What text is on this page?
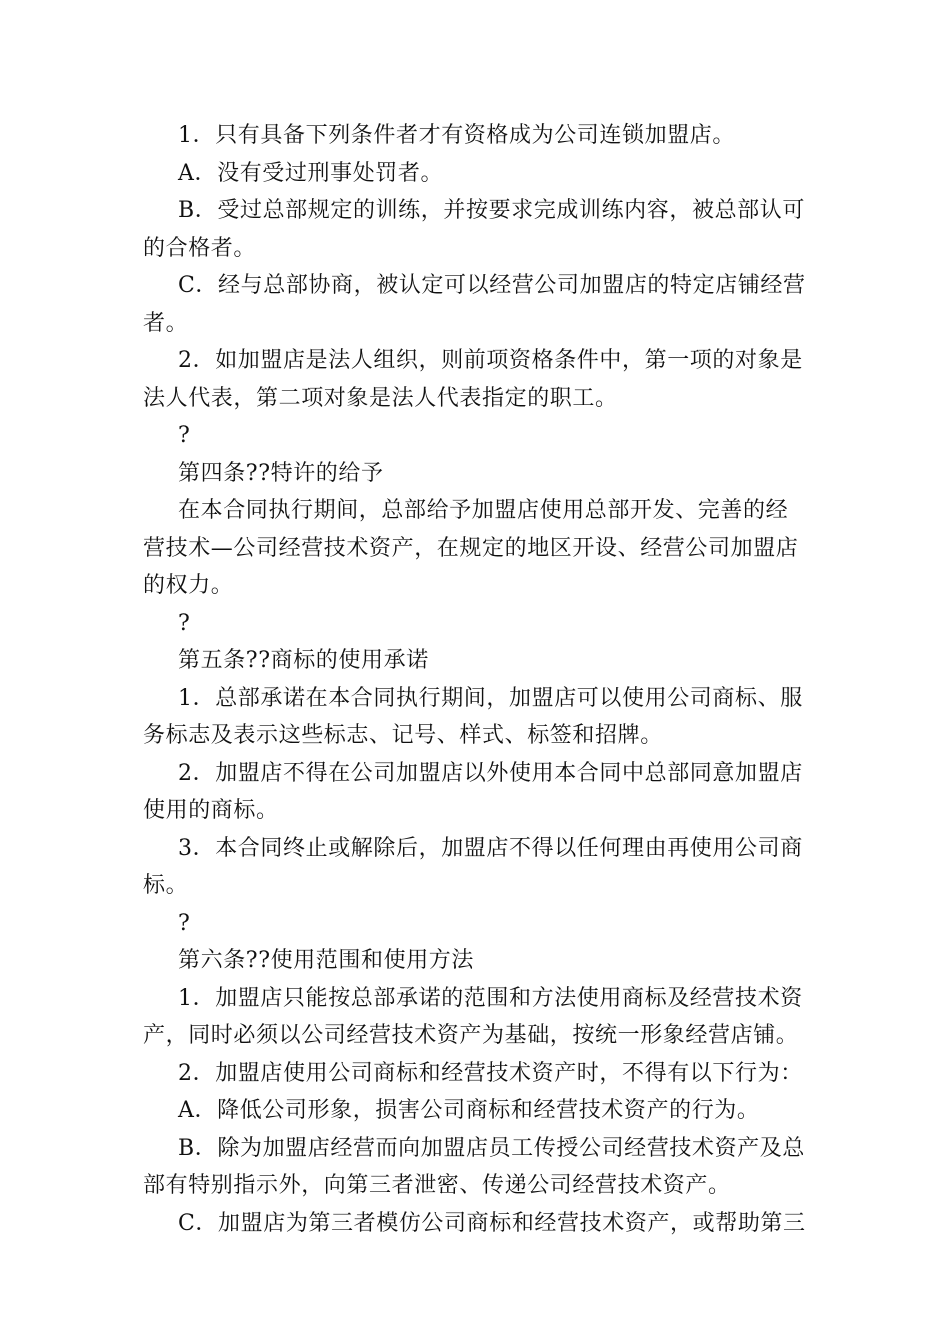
1．只有具备下列条件者才有资格成为公司连锁加盟店。

A．没有受过刑事处罚者。

B．受过总部规定的训练，并按要求完成训练内容，被总部认可的合格者。

C．经与总部协商，被认定可以经营公司加盟店的特定店铺经营者。

2．如加盟店是法人组织，则前项资格条件中，第一项的对象是法人代表，第二项对象是法人代表指定的职工。

?

第四条??特许的给予

在本合同执行期间，总部给予加盟店使用总部开发、完善的经营技术—公司经营技术资产，在规定的地区开设、经营公司加盟店的权力。

?

第五条??商标的使用承诺

1．总部承诺在本合同执行期间，加盟店可以使用公司商标、服务标志及表示这些标志、记号、样式、标签和招牌。

2．加盟店不得在公司加盟店以外使用本合同中总部同意加盟店使用的商标。

3．本合同终止或解除后，加盟店不得以任何理由再使用公司商标。

?

第六条??使用范围和使用方法

1．加盟店只能按总部承诺的范围和方法使用商标及经营技术资产，同时必须以公司经营技术资产为基础，按统一形象经营店铺。

2．加盟店使用公司商标和经营技术资产时，不得有以下行为：

A．降低公司形象，损害公司商标和经营技术资产的行为。

B．除为加盟店经营而向加盟店员工传授公司经营技术资产及总部有特别指示外，向第三者泄密、传递公司经营技术资产。

C．加盟店为第三者模仿公司商标和经营技术资产，或帮助第三
